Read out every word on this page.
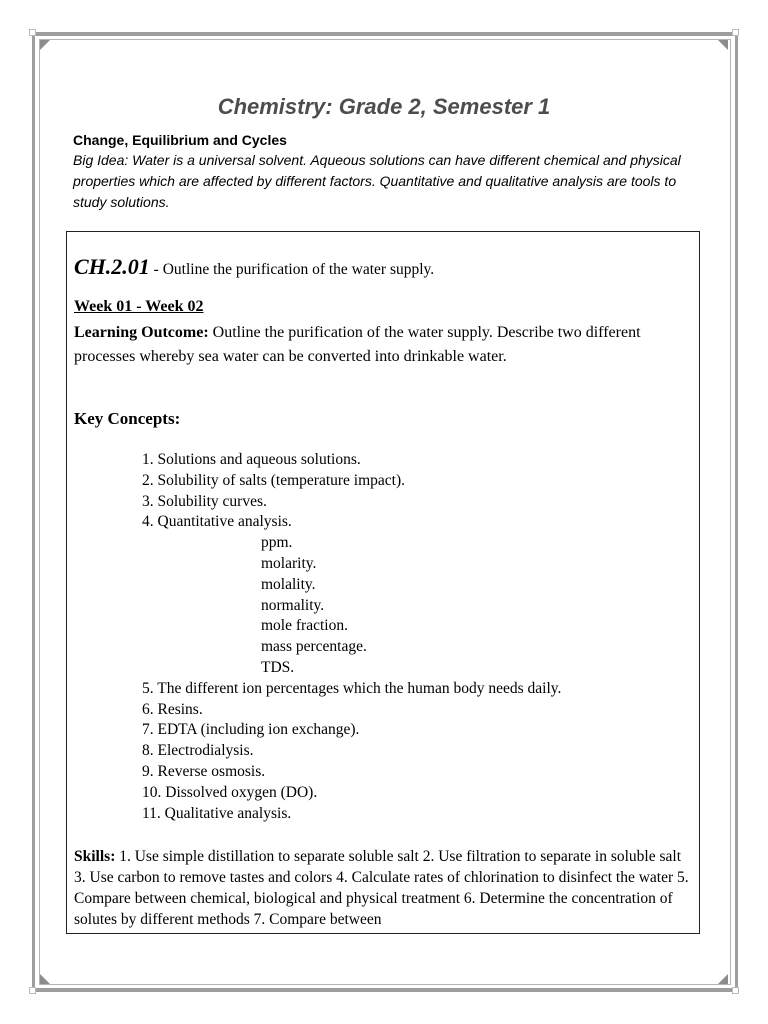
Chemistry: Grade 2, Semester 1
Change, Equilibrium and Cycles
Big Idea: Water is a universal solvent. Aqueous solutions can have different chemical and physical properties which are affected by different factors. Quantitative and qualitative analysis are tools to study solutions.
CH.2.01 - Outline the purification of the water supply.
Week 01 - Week 02
Learning Outcome: Outline the purification of the water supply. Describe two different processes whereby sea water can be converted into drinkable water.
Key Concepts:
1. Solutions and aqueous solutions.
2. Solubility of salts (temperature impact).
3. Solubility curves.
4. Quantitative analysis.
ppm.
molarity.
molality.
normality.
mole fraction.
mass percentage.
TDS.
5. The different ion percentages which the human body needs daily.
6. Resins.
7. EDTA (including ion exchange).
8. Electrodialysis.
9. Reverse osmosis.
10. Dissolved oxygen (DO).
11. Qualitative analysis.
Skills: 1. Use simple distillation to separate soluble salt 2. Use filtration to separate in soluble salt 3. Use carbon to remove tastes and colors 4. Calculate rates of chlorination to disinfect the water 5. Compare between chemical, biological and physical treatment 6. Determine the concentration of solutes by different methods 7. Compare between
